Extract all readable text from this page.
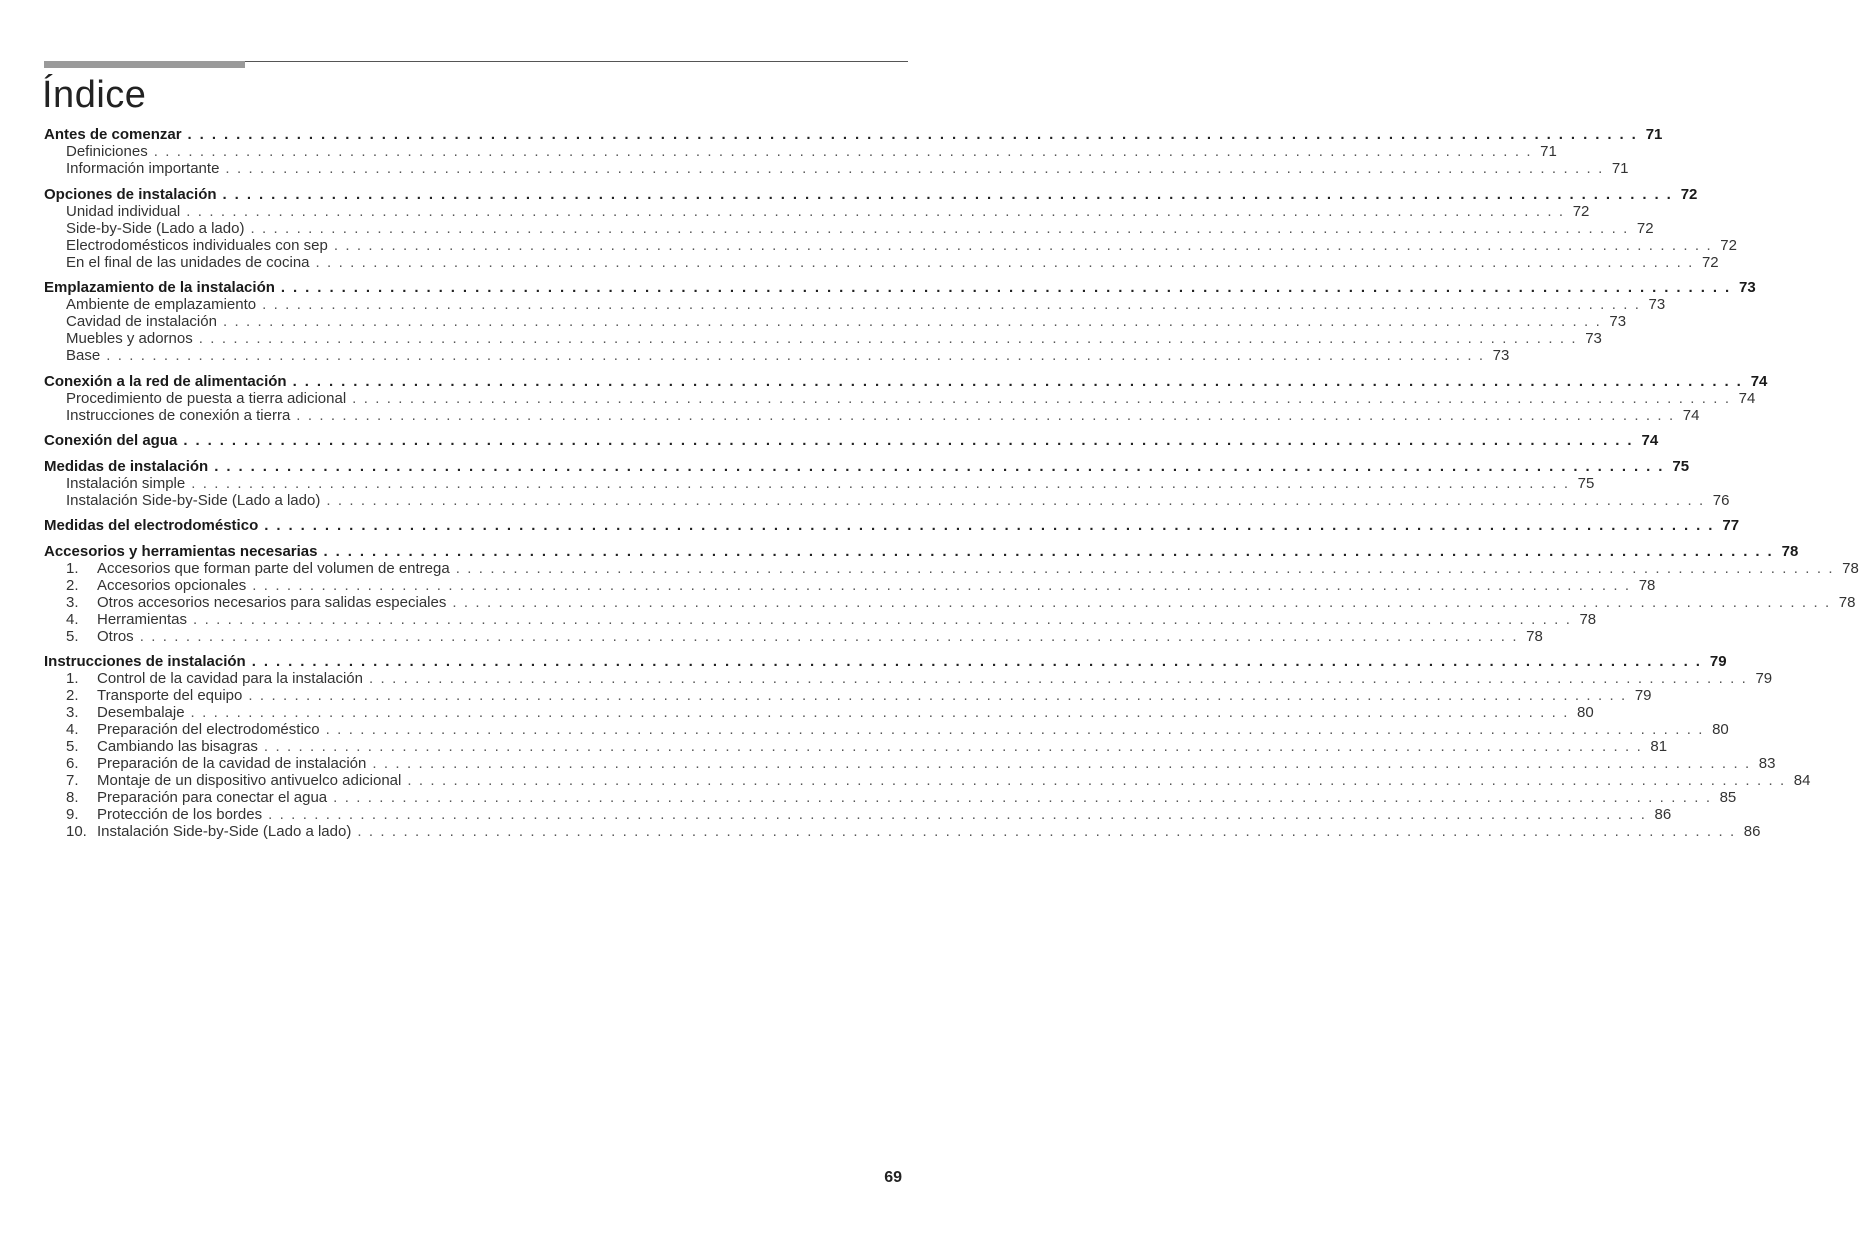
Índice
Antes de comenzar . . . . . . . . . . . . . . . . . . . . . . . . . . . . . . . . . . . . . . . . . . . . . . . . . . . . . . . . . . . . . . . . . . . . . . . . . . . . . . . . . . . . . . . . . . . . . . . . . . . . . . . . . . . . . . . . . . . . . . . . 71
Definiciones . . . . . . . . . . . . . . . . . . . . . . . . . . . . . . . . . . . . . . . . . . . . . . . . . . . . . . . . . . . . . . . . . . . . . . . . . . . . . . . . . . . . . . . . . . . . . . . . . . . . . . . . . . . . . . . . . . . . . . . . 71
Información importante . . . . . . . . . . . . . . . . . . . . . . . . . . . . . . . . . . . . . . . . . . . . . . . . . . . . . . . . . . . . . . . . . . . . . . . . . . . . . . . . . . . . . . . . . . . . . . . . . . . . . . . . . . . . . . . . . . . . . . . . 71
Opciones de instalación . . . . . . . . . . . . . . . . . . . . . . . . . . . . . . . . . . . . . . . . . . . . . . . . . . . . . . . . . . . . . . . . . . . . . . . . . . . . . . . . . . . . . . . . . . . . . . . . . . . . . . . . . . . . . . . . . . . . . . . . 72
Unidad individual . . . . . . . . . . . . . . . . . . . . . . . . . . . . . . . . . . . . . . . . . . . . . . . . . . . . . . . . . . . . . . . . . . . . . . . . . . . . . . . . . . . . . . . . . . . . . . . . . . . . . . . . . . . . . . . . . . . . . . . . 72
Side-by-Side (Lado a lado) . . . . . . . . . . . . . . . . . . . . . . . . . . . . . . . . . . . . . . . . . . . . . . . . . . . . . . . . . . . . . . . . . . . . . . . . . . . . . . . . . . . . . . . . . . . . . . . . . . . . . . . . . . . . . . . . . . . . . . . . 72
Electrodomésticos individuales con sep . . . . . . . . . . . . . . . . . . . . . . . . . . . . . . . . . . . . . . . . . . . . . . . . . . . . . . . . . . . . . . . . . . . . . . . . . . . . . . . . . . . . . . . . . . . . . . . . . . . . . . . . . . . . . . . . . . . . . . . . 72
En el final de las unidades de cocina . . . . . . . . . . . . . . . . . . . . . . . . . . . . . . . . . . . . . . . . . . . . . . . . . . . . . . . . . . . . . . . . . . . . . . . . . . . . . . . . . . . . . . . . . . . . . . . . . . . . . . . . . . . . . . . . . . . . . . . . 72
Emplazamiento de la instalación . . . . . . . . . . . . . . . . . . . . . . . . . . . . . . . . . . . . . . . . . . . . . . . . . . . . . . . . . . . . . . . . . . . . . . . . . . . . . . . . . . . . . . . . . . . . . . . . . . . . . . . . . . . . . . . . . . . . . . . . 73
Ambiente de emplazamiento . . . . . . . . . . . . . . . . . . . . . . . . . . . . . . . . . . . . . . . . . . . . . . . . . . . . . . . . . . . . . . . . . . . . . . . . . . . . . . . . . . . . . . . . . . . . . . . . . . . . . . . . . . . . . . . . . . . . . . . . 73
Cavidad de instalación . . . . . . . . . . . . . . . . . . . . . . . . . . . . . . . . . . . . . . . . . . . . . . . . . . . . . . . . . . . . . . . . . . . . . . . . . . . . . . . . . . . . . . . . . . . . . . . . . . . . . . . . . . . . . . . . . . . . . . . . 73
Muebles y adornos . . . . . . . . . . . . . . . . . . . . . . . . . . . . . . . . . . . . . . . . . . . . . . . . . . . . . . . . . . . . . . . . . . . . . . . . . . . . . . . . . . . . . . . . . . . . . . . . . . . . . . . . . . . . . . . . . . . . . . . . 73
Base . . . . . . . . . . . . . . . . . . . . . . . . . . . . . . . . . . . . . . . . . . . . . . . . . . . . . . . . . . . . . . . . . . . . . . . . . . . . . . . . . . . . . . . . . . . . . . . . . . . . . . . . . . . . . . . . . . . . . . . . 73
Conexión a la red de alimentación . . . . . . . . . . . . . . . . . . . . . . . . . . . . . . . . . . . . . . . . . . . . . . . . . . . . . . . . . . . . . . . . . . . . . . . . . . . . . . . . . . . . . . . . . . . . . . . . . . . . . . . . . . . . . . . . . . . . . . . . 74
Procedimiento de puesta a tierra adicional . . . . . . . . . . . . . . . . . . . . . . . . . . . . . . . . . . . . . . . . . . . . . . . . . . . . . . . . . . . . . . . . . . . . . . . . . . . . . . . . . . . . . . . . . . . . . . . . . . . . . . . . . . . . . . . . . . . . . . . . 74
Instrucciones de conexión a tierra . . . . . . . . . . . . . . . . . . . . . . . . . . . . . . . . . . . . . . . . . . . . . . . . . . . . . . . . . . . . . . . . . . . . . . . . . . . . . . . . . . . . . . . . . . . . . . . . . . . . . . . . . . . . . . . . . . . . . . . . 74
Conexión del agua . . . . . . . . . . . . . . . . . . . . . . . . . . . . . . . . . . . . . . . . . . . . . . . . . . . . . . . . . . . . . . . . . . . . . . . . . . . . . . . . . . . . . . . . . . . . . . . . . . . . . . . . . . . . . . . . . . . . . . . . 74
Medidas de instalación . . . . . . . . . . . . . . . . . . . . . . . . . . . . . . . . . . . . . . . . . . . . . . . . . . . . . . . . . . . . . . . . . . . . . . . . . . . . . . . . . . . . . . . . . . . . . . . . . . . . . . . . . . . . . . . . . . . . . . . . 75
Instalación simple . . . . . . . . . . . . . . . . . . . . . . . . . . . . . . . . . . . . . . . . . . . . . . . . . . . . . . . . . . . . . . . . . . . . . . . . . . . . . . . . . . . . . . . . . . . . . . . . . . . . . . . . . . . . . . . . . . . . . . . . 75
Instalación Side-by-Side (Lado a lado) . . . . . . . . . . . . . . . . . . . . . . . . . . . . . . . . . . . . . . . . . . . . . . . . . . . . . . . . . . . . . . . . . . . . . . . . . . . . . . . . . . . . . . . . . . . . . . . . . . . . . . . . . . . . . . . . . . . . . . . . 76
Medidas del electrodoméstico . . . . . . . . . . . . . . . . . . . . . . . . . . . . . . . . . . . . . . . . . . . . . . . . . . . . . . . . . . . . . . . . . . . . . . . . . . . . . . . . . . . . . . . . . . . . . . . . . . . . . . . . . . . . . . . . . . . . . . . . 77
Accesorios y herramientas necesarias . . . . . . . . . . . . . . . . . . . . . . . . . . . . . . . . . . . . . . . . . . . . . . . . . . . . . . . . . . . . . . . . . . . . . . . . . . . . . . . . . . . . . . . . . . . . . . . . . . . . . . . . . . . . . . . . . . . . . . . . 78
1.	Accesorios que forman parte del volumen de entrega . . . . . . . . . . . . . . . . . . . . . . . . . . . . . . . . . . . . . . . . . . . . . . . . . . . . . . . . . . . . . . . . . . . . . . . . . . . . . . . . . . . . . . . . . . . . . . . . . . . . . . . . . . . . . . . . . . . . . . . . 78
2.	Accesorios opcionales . . . . . . . . . . . . . . . . . . . . . . . . . . . . . . . . . . . . . . . . . . . . . . . . . . . . . . . . . . . . . . . . . . . . . . . . . . . . . . . . . . . . . . . . . . . . . . . . . . . . . . . . . . . . . . . . . . . . . . . . 78
3.	Otros accesorios necesarios para salidas especiales . . . . . . . . . . . . . . . . . . . . . . . . . . . . . . . . . . . . . . . . . . . . . . . . . . . . . . . . . . . . . . . . . . . . . . . . . . . . . . . . . . . . . . . . . . . . . . . . . . . . . . . . . . . . . . . . . . . . . . . . 78
4.	Herramientas . . . . . . . . . . . . . . . . . . . . . . . . . . . . . . . . . . . . . . . . . . . . . . . . . . . . . . . . . . . . . . . . . . . . . . . . . . . . . . . . . . . . . . . . . . . . . . . . . . . . . . . . . . . . . . . . . . . . . . . . 78
5.	Otros . . . . . . . . . . . . . . . . . . . . . . . . . . . . . . . . . . . . . . . . . . . . . . . . . . . . . . . . . . . . . . . . . . . . . . . . . . . . . . . . . . . . . . . . . . . . . . . . . . . . . . . . . . . . . . . . . . . . . . . . 78
Instrucciones de instalación . . . . . . . . . . . . . . . . . . . . . . . . . . . . . . . . . . . . . . . . . . . . . . . . . . . . . . . . . . . . . . . . . . . . . . . . . . . . . . . . . . . . . . . . . . . . . . . . . . . . . . . . . . . . . . . . . . . . . . . . 79
1.	Control de la cavidad para la instalación . . . . . . . . . . . . . . . . . . . . . . . . . . . . . . . . . . . . . . . . . . . . . . . . . . . . . . . . . . . . . . . . . . . . . . . . . . . . . . . . . . . . . . . . . . . . . . . . . . . . . . . . . . . . . . . . . . . . . . . . 79
2.	Transporte del equipo . . . . . . . . . . . . . . . . . . . . . . . . . . . . . . . . . . . . . . . . . . . . . . . . . . . . . . . . . . . . . . . . . . . . . . . . . . . . . . . . . . . . . . . . . . . . . . . . . . . . . . . . . . . . . . . . . . . . . . . . 79
3.	Desembalaje . . . . . . . . . . . . . . . . . . . . . . . . . . . . . . . . . . . . . . . . . . . . . . . . . . . . . . . . . . . . . . . . . . . . . . . . . . . . . . . . . . . . . . . . . . . . . . . . . . . . . . . . . . . . . . . . . . . . . . . . 80
4.	Preparación del electrodoméstico . . . . . . . . . . . . . . . . . . . . . . . . . . . . . . . . . . . . . . . . . . . . . . . . . . . . . . . . . . . . . . . . . . . . . . . . . . . . . . . . . . . . . . . . . . . . . . . . . . . . . . . . . . . . . . . . . . . . . . . . 80
5.	Cambiando las bisagras . . . . . . . . . . . . . . . . . . . . . . . . . . . . . . . . . . . . . . . . . . . . . . . . . . . . . . . . . . . . . . . . . . . . . . . . . . . . . . . . . . . . . . . . . . . . . . . . . . . . . . . . . . . . . . . . . . . . . . . . 81
6.	Preparación de la cavidad de instalación . . . . . . . . . . . . . . . . . . . . . . . . . . . . . . . . . . . . . . . . . . . . . . . . . . . . . . . . . . . . . . . . . . . . . . . . . . . . . . . . . . . . . . . . . . . . . . . . . . . . . . . . . . . . . . . . . . . . . . . . 83
7.	Montaje de un dispositivo antivuelco adicional . . . . . . . . . . . . . . . . . . . . . . . . . . . . . . . . . . . . . . . . . . . . . . . . . . . . . . . . . . . . . . . . . . . . . . . . . . . . . . . . . . . . . . . . . . . . . . . . . . . . . . . . . . . . . . . . . . . . . . . . 84
8.	Preparación para conectar el agua . . . . . . . . . . . . . . . . . . . . . . . . . . . . . . . . . . . . . . . . . . . . . . . . . . . . . . . . . . . . . . . . . . . . . . . . . . . . . . . . . . . . . . . . . . . . . . . . . . . . . . . . . . . . . . . . . . . . . . . . 85
9.	Protección de los bordes . . . . . . . . . . . . . . . . . . . . . . . . . . . . . . . . . . . . . . . . . . . . . . . . . . . . . . . . . . . . . . . . . . . . . . . . . . . . . . . . . . . . . . . . . . . . . . . . . . . . . . . . . . . . . . . . . . . . . . . . 86
10. Instalación Side-by-Side (Lado a lado) . . . . . . . . . . . . . . . . . . . . . . . . . . . . . . . . . . . . . . . . . . . . . . . . . . . . . . . . . . . . . . . . . . . . . . . . . . . . . . . . . . . . . . . . . . . . . . . . . . . . . . . . . . . . . . . . . . . . . . . . 86
69
